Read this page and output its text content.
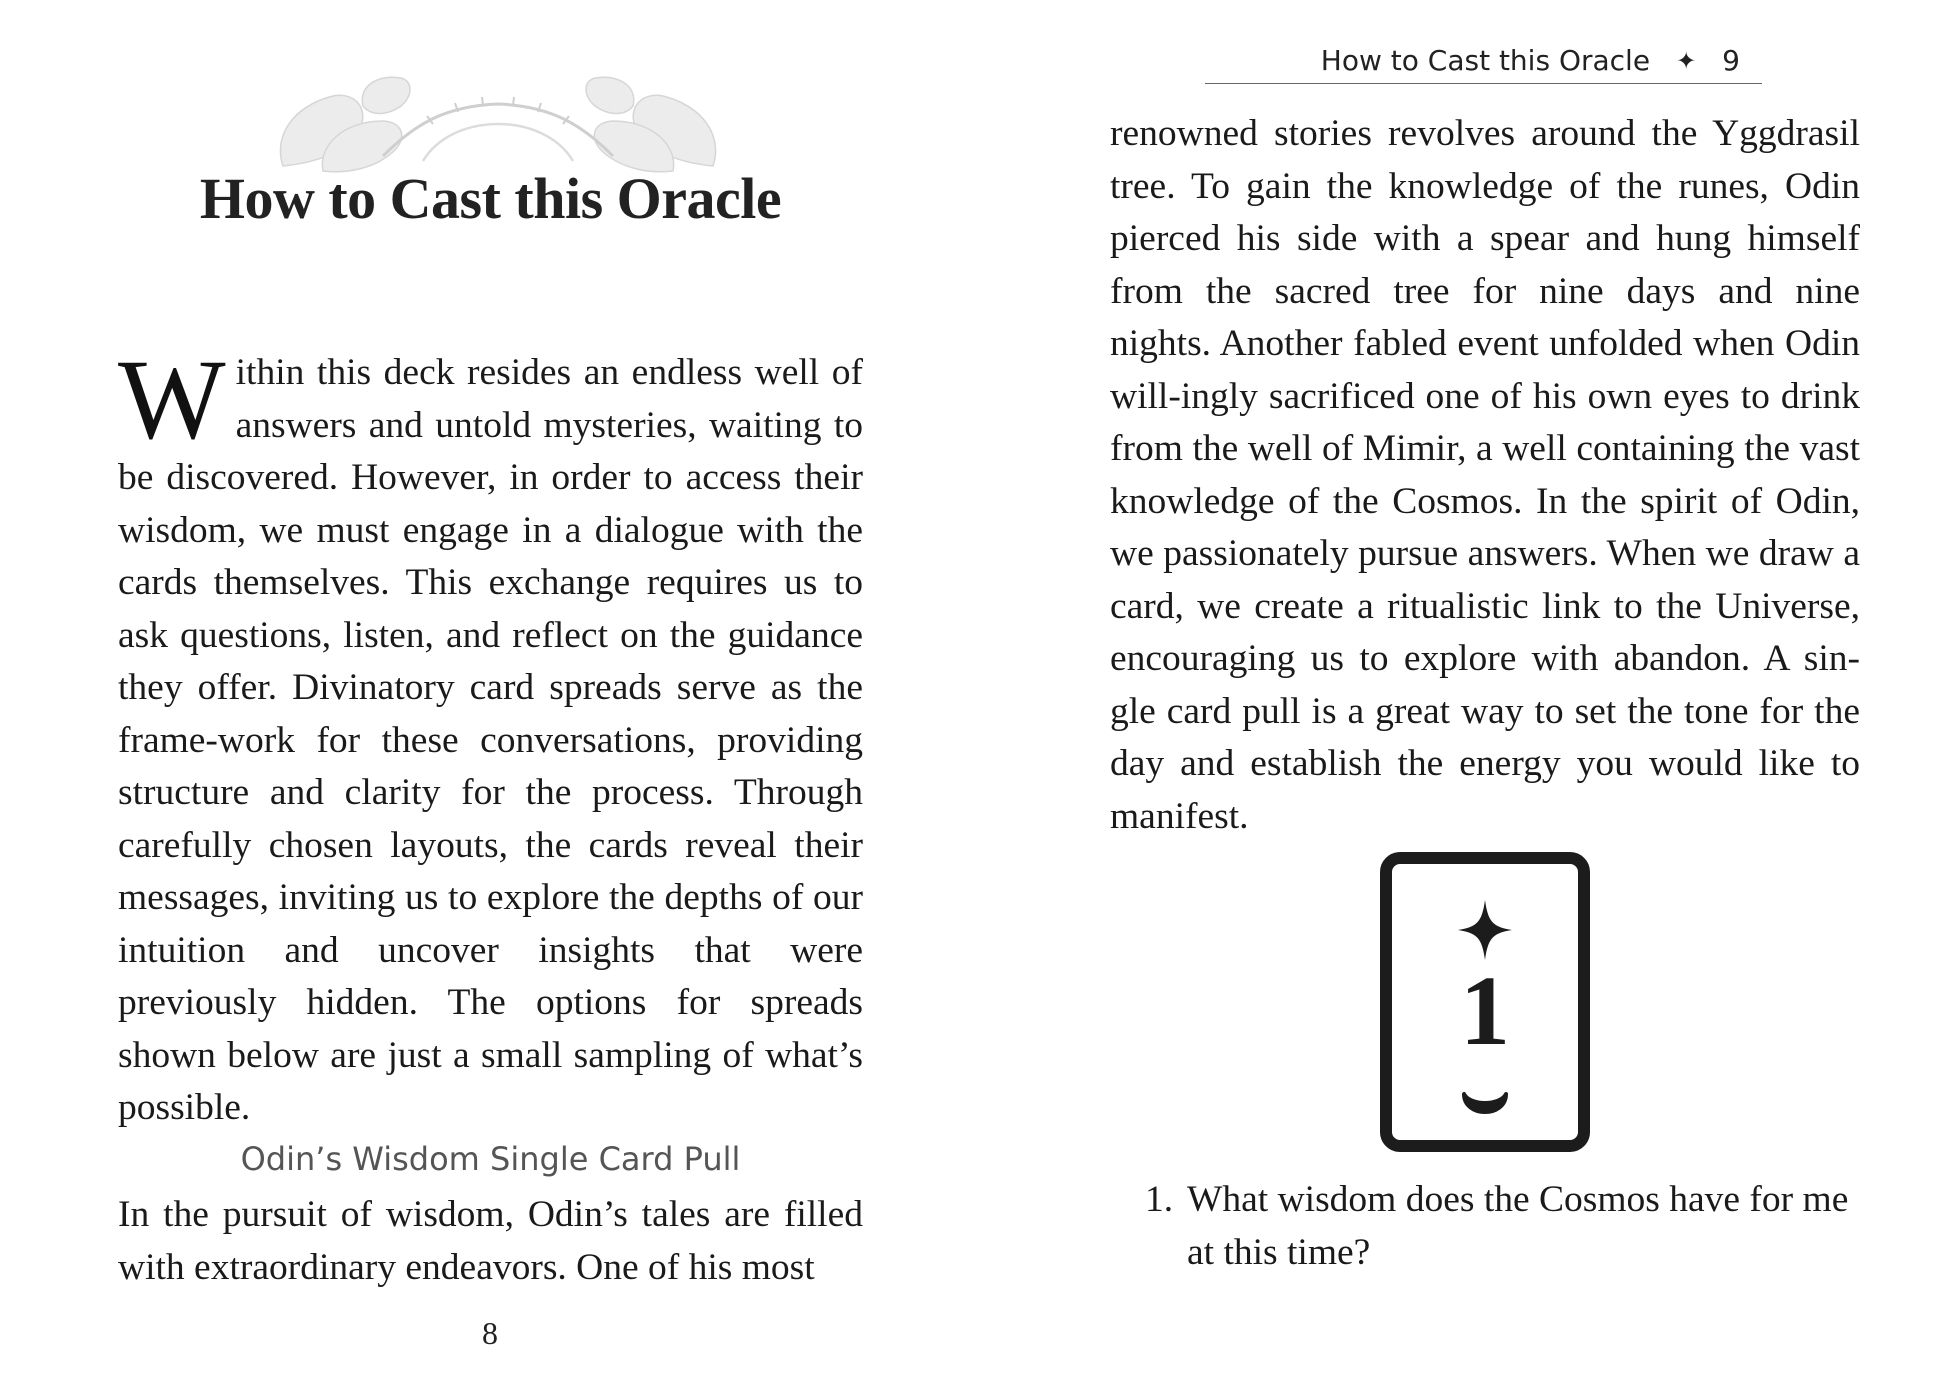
How to Cast this Oracle

Within this deck resides an endless well of answers and untold mysteries, waiting to be discovered. However, in order to access their wisdom, we must engage in a dialogue with the cards themselves. This exchange requires us to ask questions, listen, and reflect on the guidance they offer. Divinatory card spreads serve as the frame-work for these conversations, providing structure and clarity for the process. Through carefully chosen layouts, the cards reveal their messages, inviting us to explore the depths of our intuition and uncover insights that were previously hidden. The options for spreads shown below are just a small sampling of what’s possible.

Odin’s Wisdom Single Card Pull

In the pursuit of wisdom, Odin’s tales are filled with extraordinary endeavors. One of his most

8
How to Cast this Oracle ✦ 9

renowned stories revolves around the Yggdrasil tree. To gain the knowledge of the runes, Odin pierced his side with a spear and hung himself from the sacred tree for nine days and nine nights. Another fabled event unfolded when Odin will-ingly sacrificed one of his own eyes to drink from the well of Mimir, a well containing the vast knowledge of the Cosmos. In the spirit of Odin, we passionately pursue answers. When we draw a card, we create a ritualistic link to the Universe, encouraging us to explore with abandon. A sin-gle card pull is a great way to set the tone for the day and establish the energy you would like to manifest.

1
1. What wisdom does the Cosmos have for me at this time?
